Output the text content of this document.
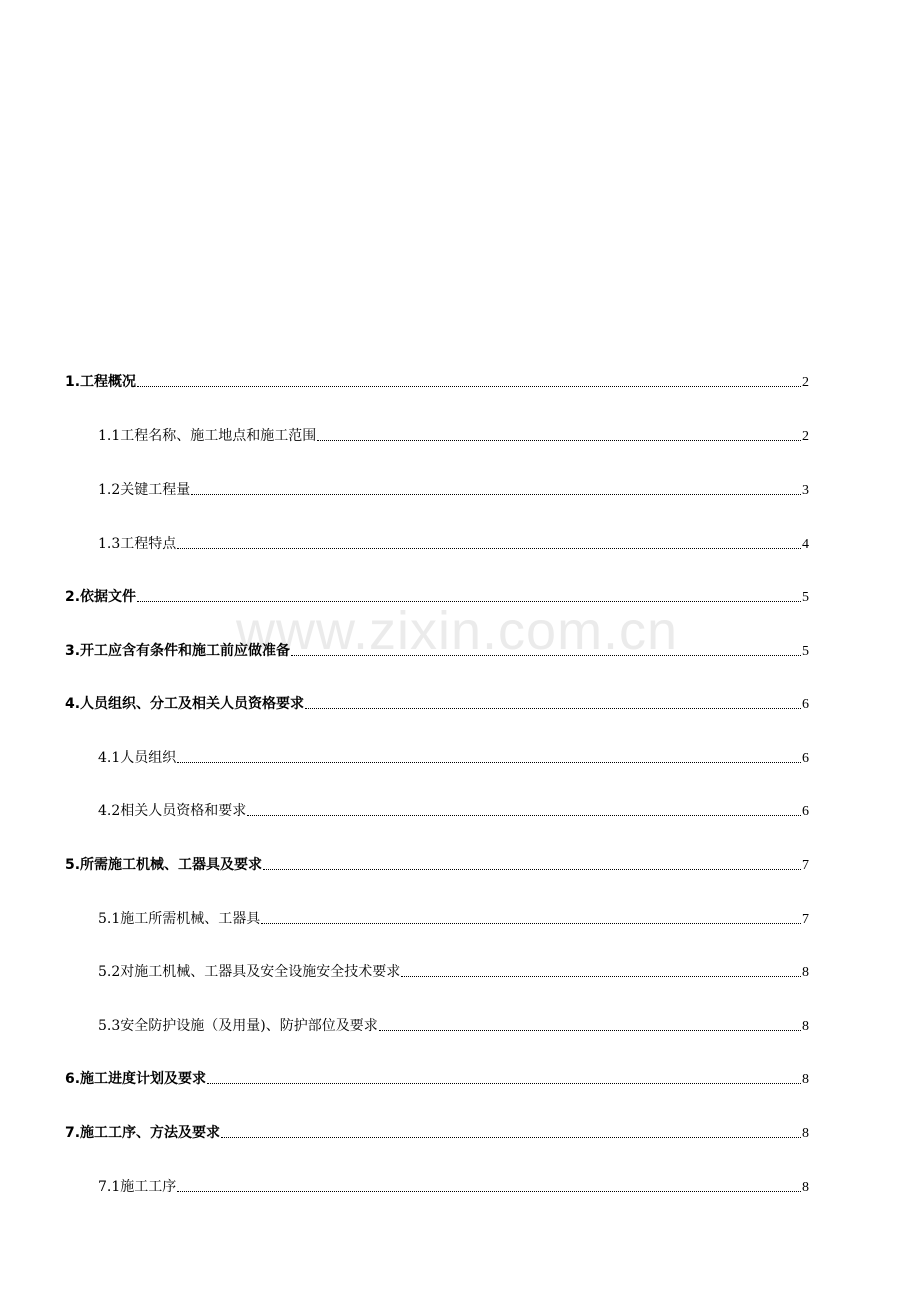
www.zixin.com.cn
1.工程概况	2
1.1工程名称、施工地点和施工范围	2
1.2关键工程量	3
1.3工程特点	4
2.依据文件	5
3.开工应含有条件和施工前应做准备	5
4.人员组织、分工及相关人员资格要求	6
4.1人员组织	6
4.2相关人员资格和要求	6
5.所需施工机械、工器具及要求	7
5.1施工所需机械、工器具	7
5.2对施工机械、工器具及安全设施安全技术要求	8
5.3安全防护设施（及用量)、防护部位及要求	8
6.施工进度计划及要求	8
7.施工工序、方法及要求	8
7.1施工工序	8
